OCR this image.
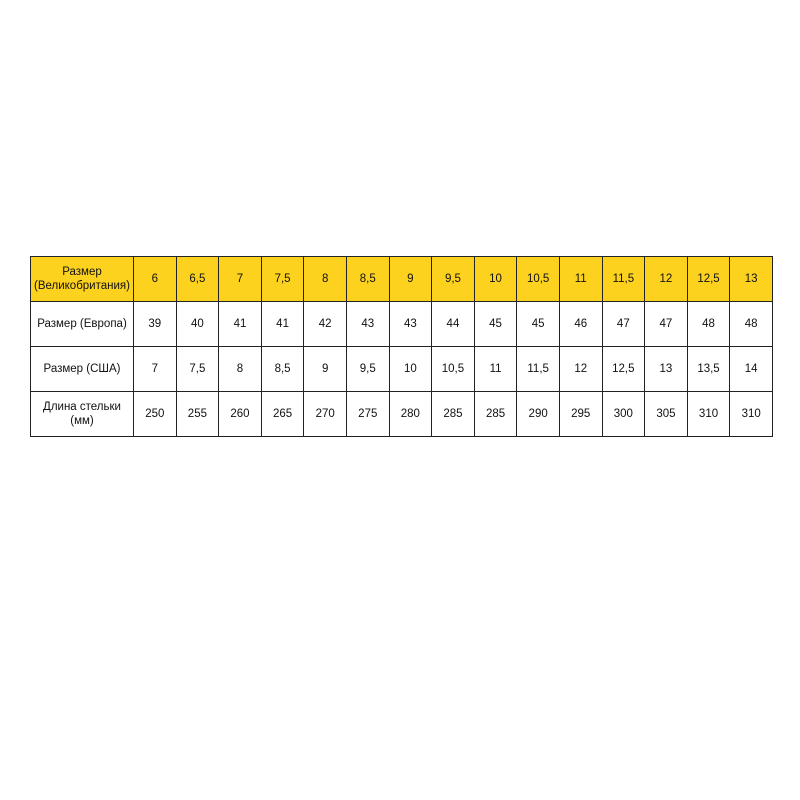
Размер (Великобритания)	6	6,5	7	7,5	8	8,5	9	9,5	10	10,5	11	11,5	12	12,5	13
Размер (Европа)	39	40	41	41	42	43	43	44	45	45	46	47	47	48	48
Размер (США)	7	7,5	8	8,5	9	9,5	10	10,5	11	11,5	12	12,5	13	13,5	14
Длина стельки (мм)	250	255	260	265	270	275	280	285	285	290	295	300	305	310	310
